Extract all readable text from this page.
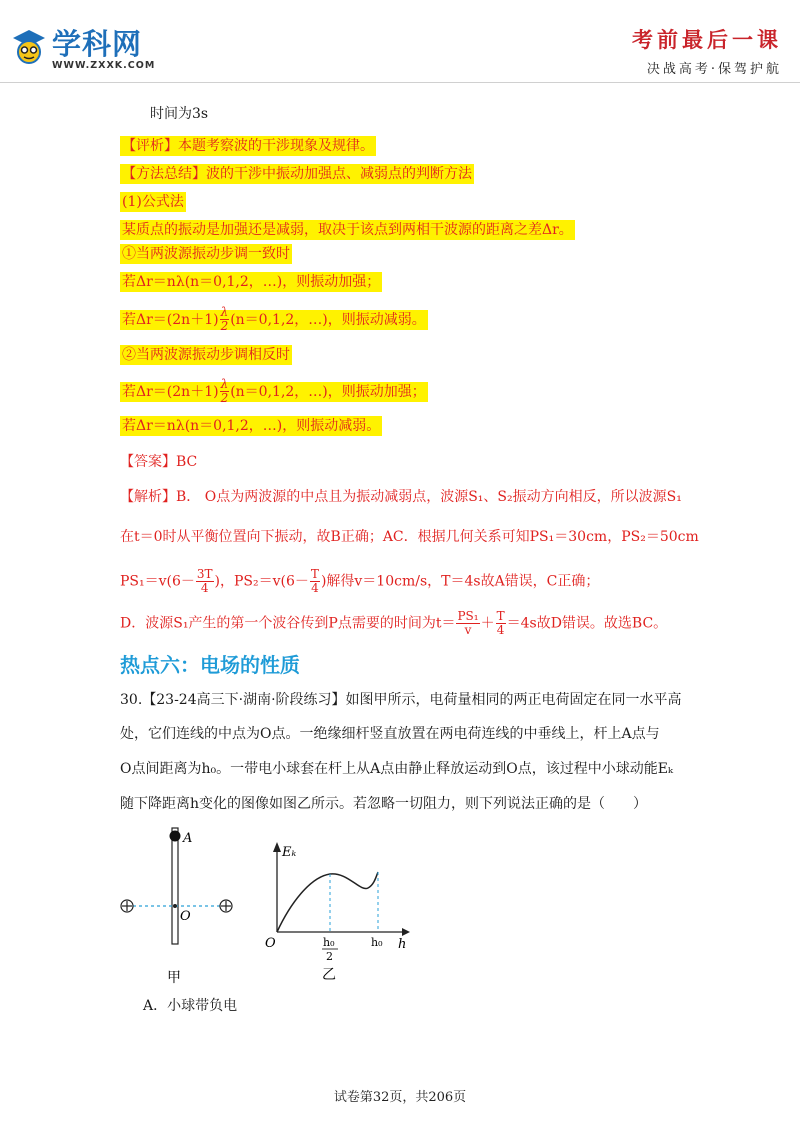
学科网
WWW.ZXXK.COM
考前最后一课
决战高考·保驾护航
时间为3s
【评析】本题考察波的干涉现象及规律。
【方法总结】波的干涉中振动加强点、减弱点的判断方法
(1)公式法
某质点的振动是加强还是减弱，取决于该点到两相干波源的距离之差Δr。
①当两波源振动步调一致时
若Δr＝nλ(n＝0,1,2，…)，则振动加强；
若$\Delta r=(2n+1) \frac{\lambda}{2} (n=0,1,2$，…)，则振动减弱。
②当两波源振动步调相反时
若$\Delta r=(2n+1) \frac{\lambda}{2} (n=0,1,2$，…)，则振动加强；
若Δr＝nλ(n＝0,1,2，…)，则振动减弱。
【答案】BC
【解析】B． O点为两波源的中点且为振动减弱点，波源S₁、S₂振动方向相反，所以波源S₁
在t＝0时从平衡位置向下振动，故B正确；AC．根据几何关系可知PS₁＝30cm，PS₂＝50cm
$PS_1=v(6- \frac{3T}{4}$ )，$PS_2=v(6- \frac{T}{4}$ )解得v＝10cm/s，T＝4s故A错误，C正确；
D．波源S₁产生的第一个波谷传到P点需要的时间为$t= \frac{\text{PS₁}}{v} + \frac{T}{4} =4s$故D错误。故选BC。
热点六：电场的性质
30.【23-24高三下·湖南·阶段练习】如图甲所示，电荷量相同的两正电荷固定在同一水平高
处，它们连线的中点为O点。一绝缘细杆竖直放置在两电荷连线的中垂线上，杆上A点与
O点间距离为h₀。一带电小球套在杆上从A点由静止释放运动到O点，该过程中小球动能Eₖ
随下降距离h变化的图像如图乙所示。若忽略一切阻力，则下列说法正确的是（　　）
A
O
甲
Eₖ
h
O	h₀
2
h₀
乙
A．小球带负电
试卷第32页，共206页
